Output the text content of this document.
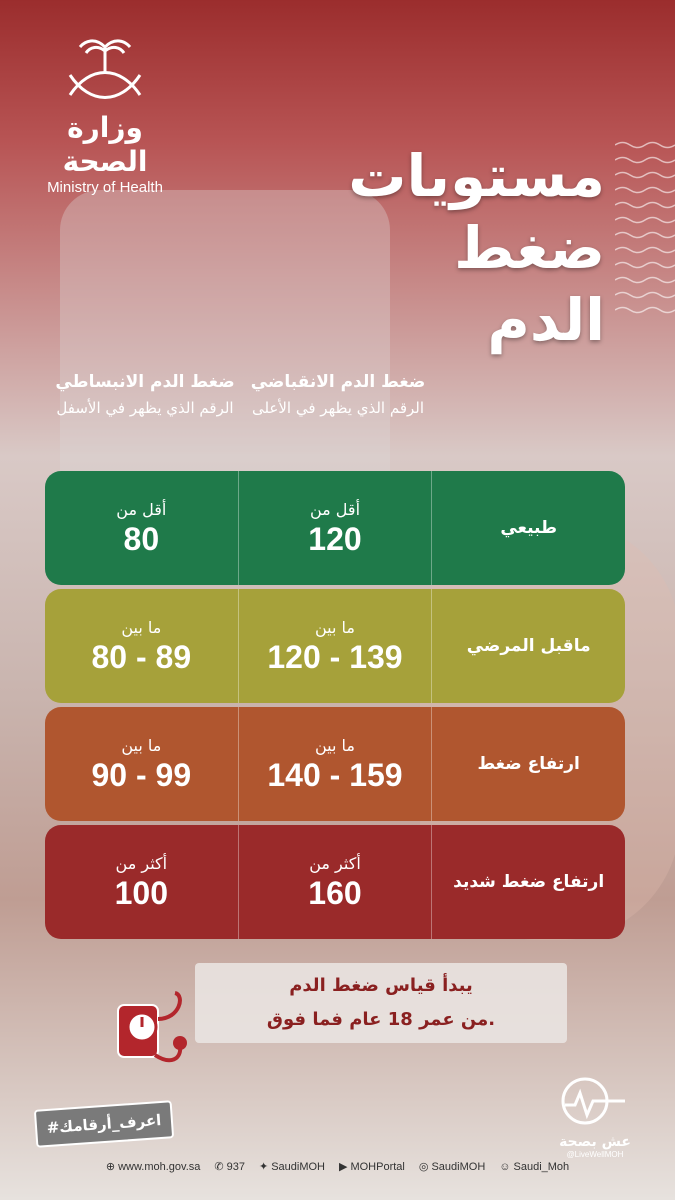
وزارة الصحة
Ministry of Health	مستويات
ضغط
الدم
ضغط الدم الانقباضي
الرقم الذي يظهر في الأعلى
ضغط الدم الانبساطي
الرقم الذي يظهر في الأسفل
طبيعي
أقل من
120
أقل من
80
ماقبل المرضي
ما بين
120 - 139
ما بين
80 - 89
ارتفاع ضغط
ما بين
140 - 159
ما بين
90 - 99
ارتفاع ضغط شديد
أكثر من
160
أكثر من
100
يبدأ قياس ضغط الدم
من عمر 18 عام فما فوق.
#اعرف_أرقامك
عش بصحة
@LiveWellMOH
⊕ www.moh.gov.sa ✆ 937 ✦ SaudiMOH ▶ MOHPortal ◎ SaudiMOH ☺ Saudi_Moh
